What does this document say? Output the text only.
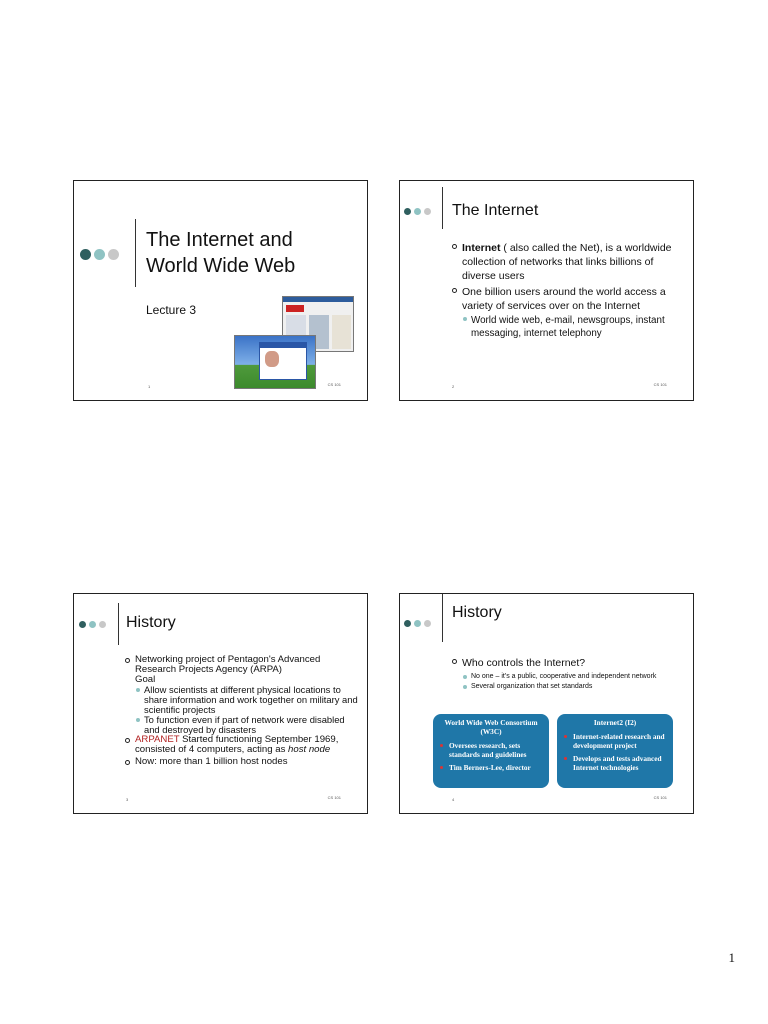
The Internet and World Wide Web
Lecture 3
1	CS 101
The Internet
Internet ( also called the Net), is a worldwide collection of networks that links billions of diverse users
One billion users around the world access a variety of services over on the Internet
World wide web, e-mail, newsgroups, instant messaging, internet telephony
2	CS 101
History
Networking project of Pentagon's Advanced Research Projects Agency (ARPA)
Goal
Allow scientists at different physical locations to share information and work together on military and scientific projects
To function even if part of network were disabled and destroyed by disasters
ARPANET Started functioning September 1969, consisted of 4 computers, acting as host node
Now: more than 1 billion host nodes
3	CS 101
History
Who controls the Internet?
No one – it's a public, cooperative and independent network
Several organization that set standards
World Wide Web Consortium (W3C)
Oversees research, sets standards and guidelines
Tim Berners-Lee, director
Internet2 (I2)
Internet-related research and development project
Develops and tests advanced Internet technologies
4	CS 101
1
